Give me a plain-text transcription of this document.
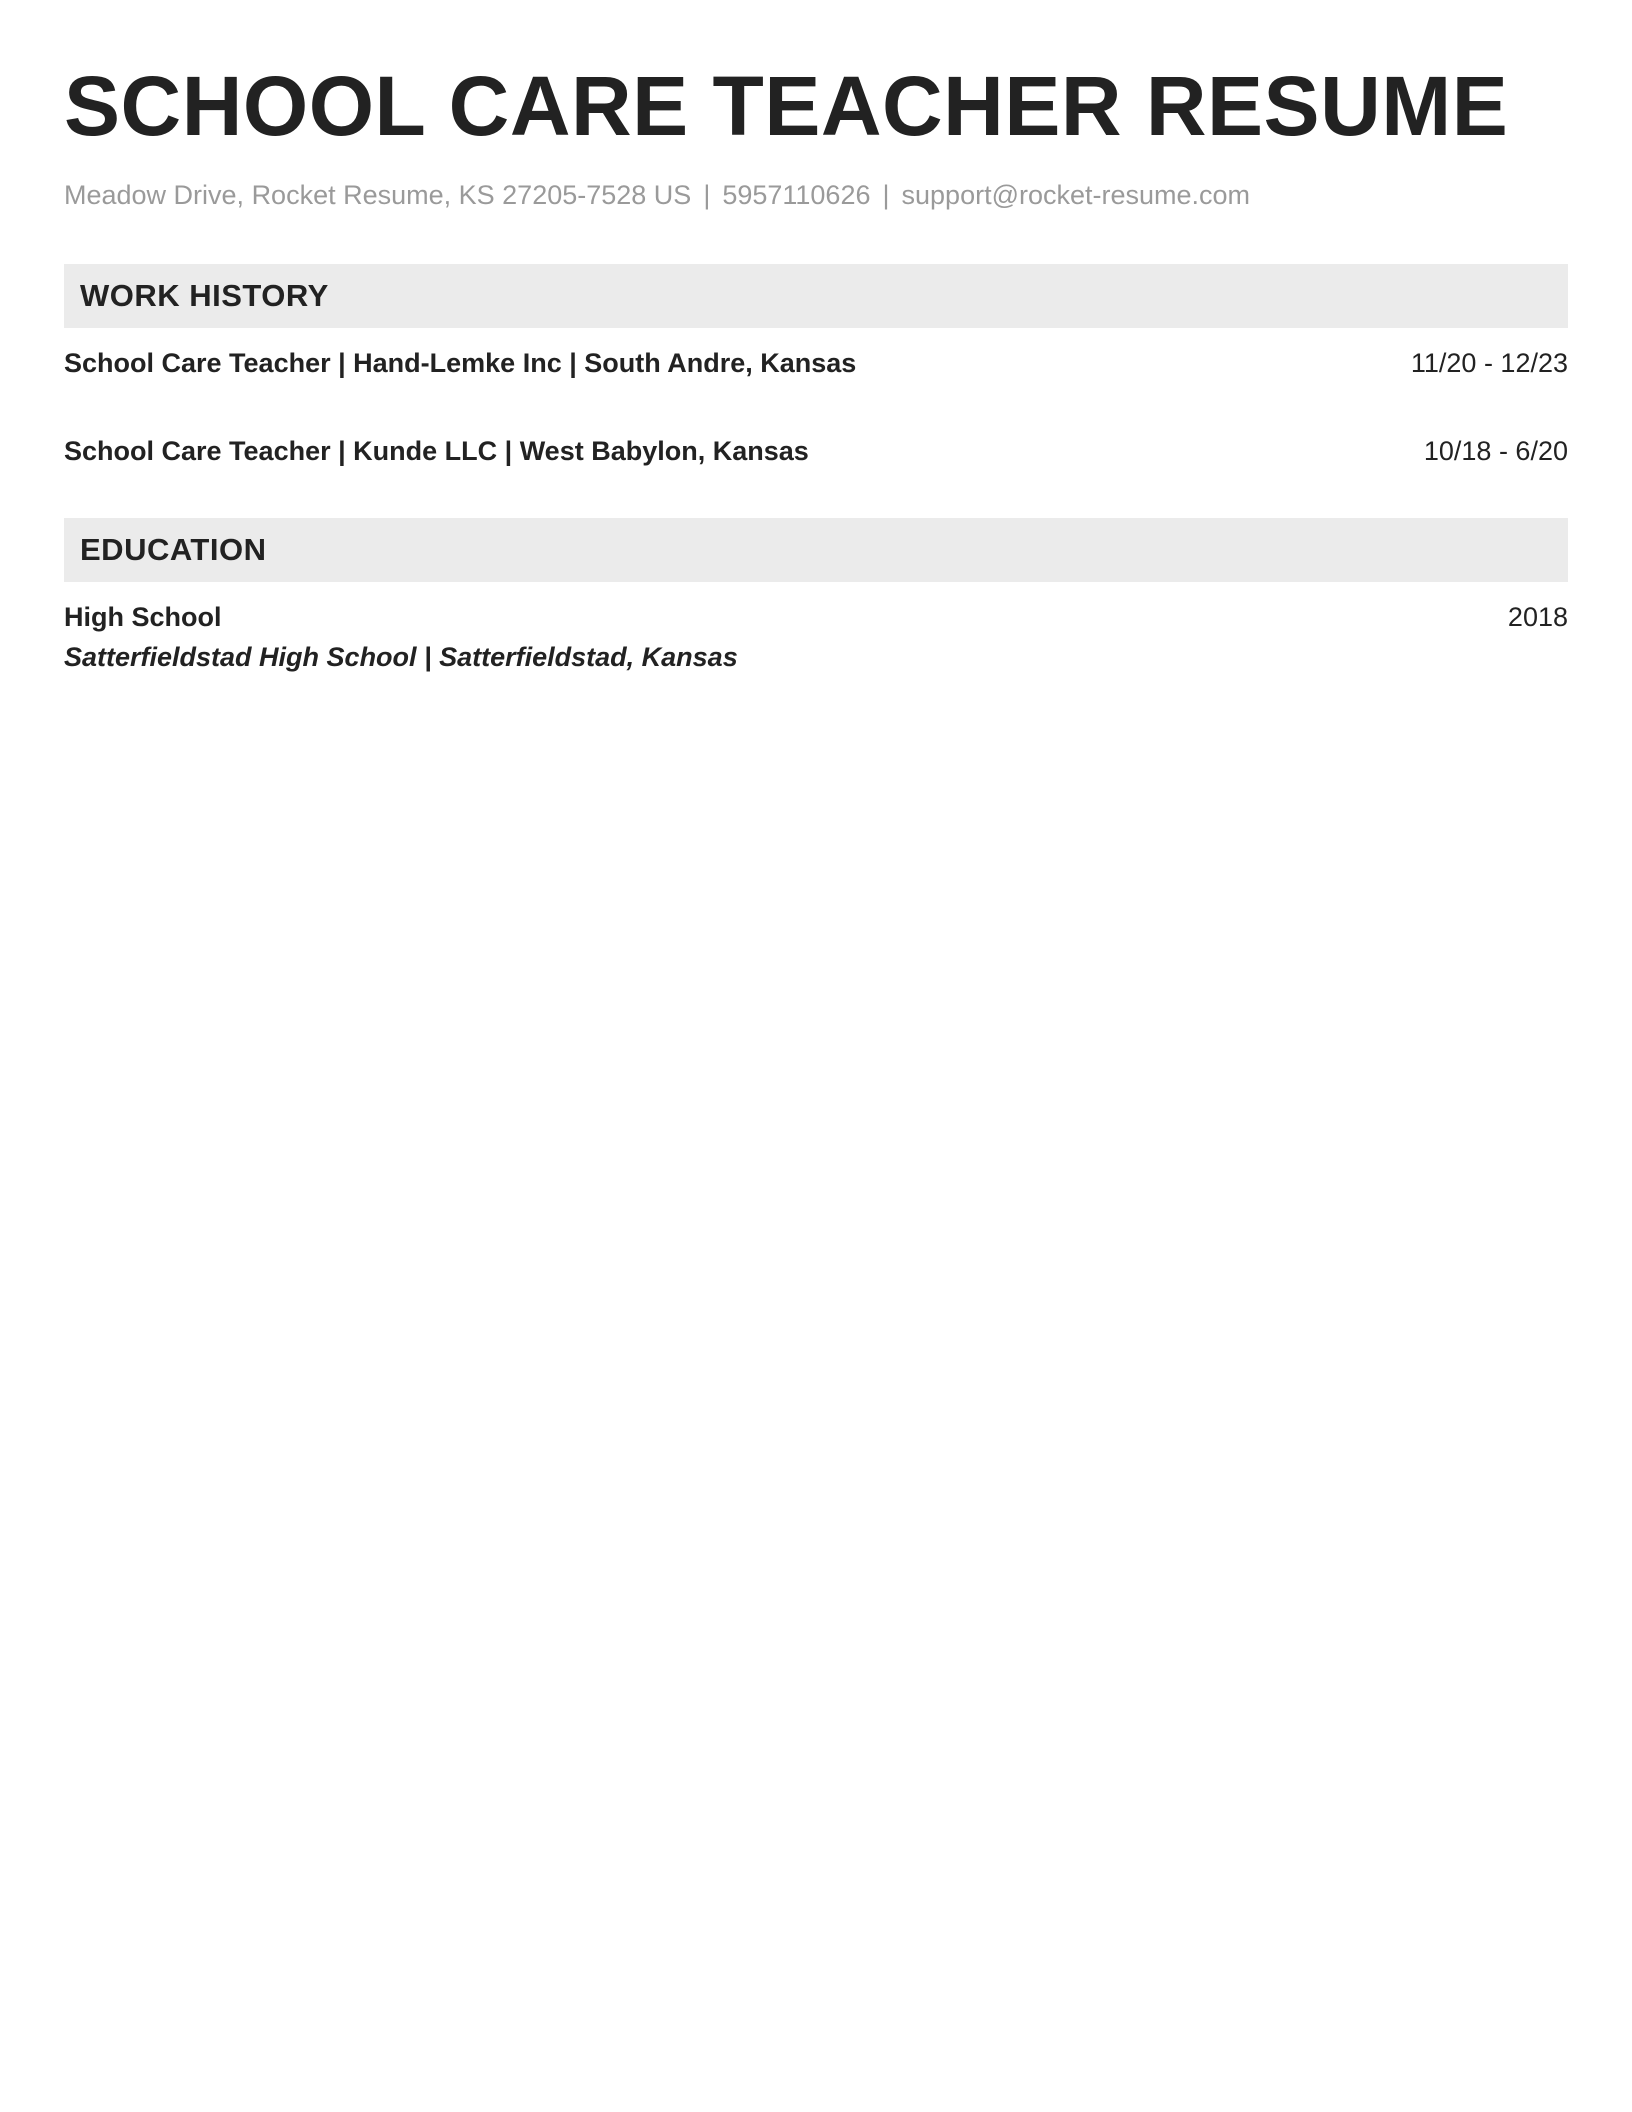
SCHOOL CARE TEACHER RESUME
Meadow Drive, Rocket Resume, KS 27205-7528 US | 5957110626 | support@rocket-resume.com
WORK HISTORY
School Care Teacher | Hand-Lemke Inc | South Andre, Kansas	11/20 - 12/23
School Care Teacher | Kunde LLC | West Babylon, Kansas	10/18 - 6/20
EDUCATION
High School	2018
Satterfieldstad High School | Satterfieldstad, Kansas
